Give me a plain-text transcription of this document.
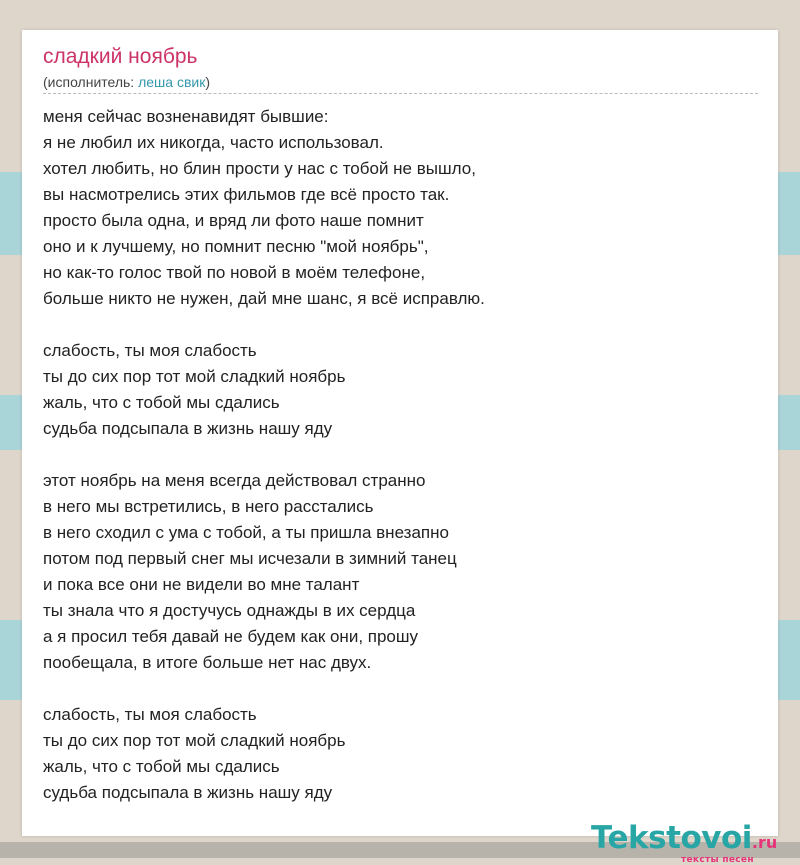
сладкий ноябрь
(исполнитель: леша свик)
меня сейчас возненавидят бывшие:
я не любил их никогда, часто использовал.
хотел любить, но блин прости у нас с тобой не вышло,
вы насмотрелись этих фильмов где всё просто так.
просто была одна, и вряд ли фото наше помнит
оно и к лучшему, но помнит песню "мой ноябрь",
но как-то голос твой по новой в моём телефоне,
больше никто не нужен, дай мне шанс, я всё исправлю.
слабость, ты моя слабость
ты до сих пор тот мой сладкий ноябрь
жаль, что с тобой мы сдались
судьба подсыпала в жизнь нашу яду
этот ноябрь на меня всегда действовал странно
в него мы встретились, в него расстались
в него сходил с ума с тобой, а ты пришла внезапно
потом под первый снег мы исчезали в зимний танец
и пока все они не видели во мне талант
ты знала что я достучусь однажды в их сердца
а я просил тебя давай не будем как они, прошу
пообещала, в итоге больше нет нас двух.
слабость, ты моя слабость
ты до сих пор тот мой сладкий ноябрь
жаль, что с тобой мы сдались
судьба подсыпала в жизнь нашу яду
Tekstovoi.ru
тексты песен
